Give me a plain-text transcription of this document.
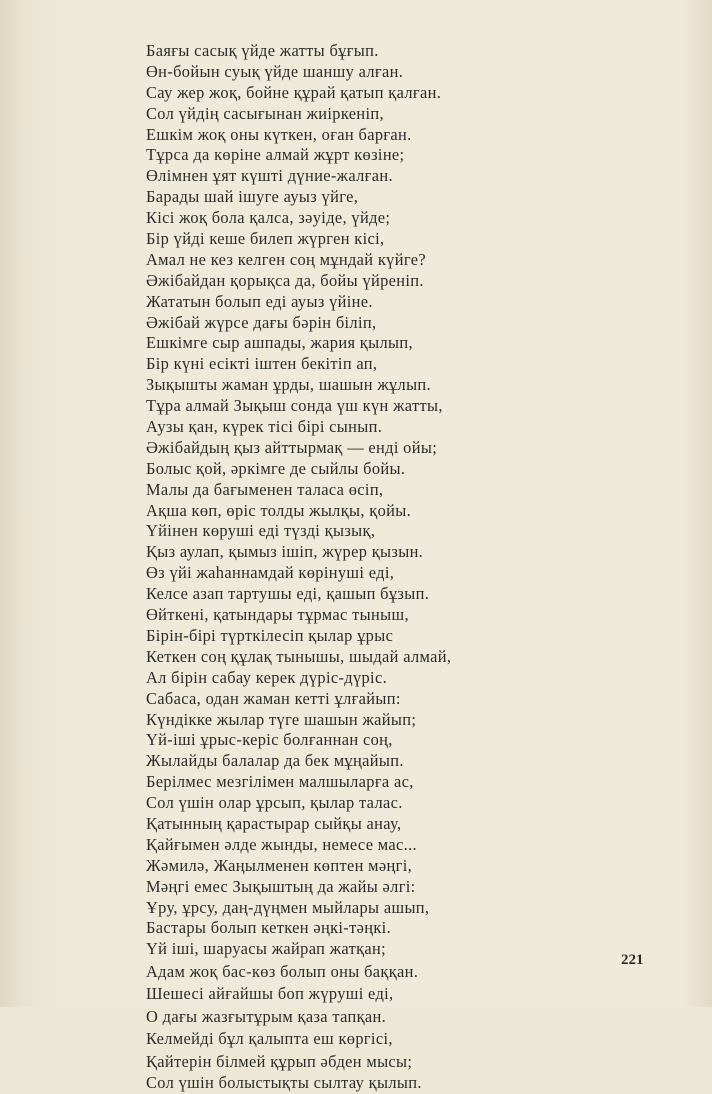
Баяғы сасық үйде жатты бұғып.
Өн-бойын суық үйде шаншу алған.
Сау жер жоқ, бойне құрай қатып қалған.
Сол үйдің сасығынан жиіркеніп,
Ешкім жоқ оны күткен, оған барған.
Тұрса да көріне алмай жұрт көзіне;
Өлімнен ұят күшті дүние-жалған.
Барады шай ішуге ауыз үйге,
Кісі жоқ бола қалса, зәуіде, үйде;
Бір үйді кеше билеп жүрген кісі,
Амал не кез келген соң мұндай күйге?
Әжібайдан қорықса да, бойы үйреніп.
Жататын болып еді ауыз үйіне.
Әжібай жүрсе дағы бәрін біліп,
Ешкімге сыр ашпады, жария қылып,
Бір күні есікті іштен бекітіп ап,
Зықышты жаман ұрды, шашын жұлып.
Тұра алмай Зықыш сонда үш күн жатты,
Аузы қан, күрек тісі бірі сынып.
Әжібайдың қыз айттырмақ — енді ойы;
Болыс қой, әркімге де сыйлы бойы.
Малы да бағыменен таласа өсіп,
Ақша көп, өріс толды жылқы, қойы.
Үйінен көруші еді түзді қызық,
Қыз аулап, қымыз ішіп, жүрер қызын.
Өз үйі жаһаннамдай көрінуші еді,
Келсе азап тартушы еді, қашып бұзып.
Өйткені, қатындары тұрмас тыныш,
Бірін-бірі түрткілесіп қылар ұрыс
Кеткен соң құлақ тынышы, шыдай алмай,
Ал бірін сабау керек дүріс-дүріс.
Сабаса, одан жаман кетті ұлғайып:
Күндікке жылар түге шашын жайып;
Үй-іші ұрыс-керіс болғаннан соң,
Жылайды балалар да бек мұңайып.
Берілмес мезгілімен малшыларға ас,
Сол үшін олар ұрсып, қылар талас.
Қатынның қарастырар сыйқы анау,
Қайғымен әлде жынды, немесе мас...
Жәмилә, Жаңылменен көптен мәңгі,
Мәңгі емес Зықыштың да жайы әлгі:
Ұру, ұрсу, даң-дүңмен мыйлары ашып,
Бастары болып кеткен әңкі-тәңкі.
Үй іші, шаруасы жайрап жатқан;
Адам жоқ бас-көз болып оны баққан.
Шешесі айғайшы боп жүруші еді,
О дағы жазғытұрым қаза тапқан.
Келмейді бұл қалыпта еш көргісі,
Қайтерін білмей құрып әбден мысы;
Сол үшін болыстықты сылтау қылып.
221
